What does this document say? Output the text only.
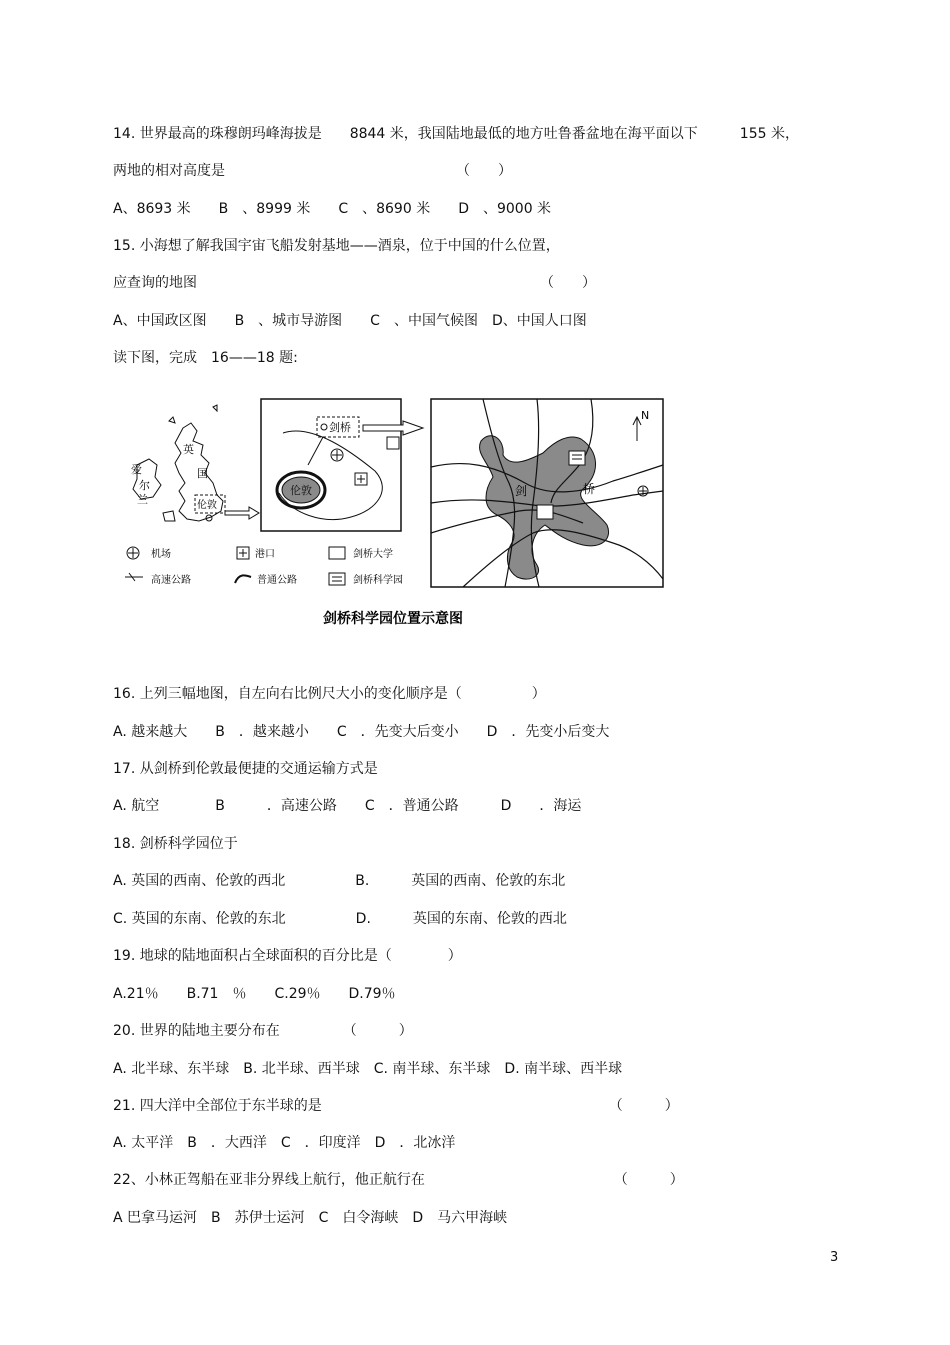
14. 世界最高的珠穆朗玛峰海拔是　　8844 米，我国陆地最低的地方吐鲁番盆地在海平面以下　　　155 米，
两地的相对高度是　　　　　　　　　　　　　　　　　（　　）
A、8693 米　　B　、8999 米　　C　、8690 米　　D　、9000 米
15. 小海想了解我国宇宙飞船发射基地——酒泉，位于中国的什么位置，
应查询的地图　　　　　　　　　　　　　　　　　　　　　　　　　（　　）
A、中国政区图　　B　、城市导游图　　C　、中国气候图　D、中国人口图
读下图，完成　16——18 题:
英
国
爱
尔
兰	伦敦
剑桥
伦敦	剑	桥
N
机场	港口	剑桥大学
高速公路	普通公路	剑桥科学园
剑桥科学园位置示意图
16. 上列三幅地图，自左向右比例尺大小的变化顺序是（　　　　　）
A. 越来越大　　B　．越来越小　　C　．先变大后变小　　D　．先变小后变大
17. 从剑桥到伦敦最便捷的交通运输方式是
A. 航空　　　　B　　　．高速公路　　C　．普通公路　　　D　　．海运
18. 剑桥科学园位于
A. 英国的西南、伦敦的西北　　　　　B.　　　英国的西南、伦敦的东北
C. 英国的东南、伦敦的东北　　　　　D.　　　英国的东南、伦敦的西北
19. 地球的陆地面积占全球面积的百分比是（　　　　）
A.21％　　B.71　％　　C.29％　　D.79％
20. 世界的陆地主要分布在　　　　　（　　　）
A. 北半球、东半球　B. 北半球、西半球　C. 南半球、东半球　D. 南半球、西半球
21. 四大洋中全部位于东半球的是　　　　　　　　　　　　　　　　　　　　　（　　　）
A. 太平洋　B　．大西洋　C　．印度洋　D　．北冰洋
22、小林正驾船在亚非分界线上航行，他正航行在　　　　　　　　　　　　　　（　　　）
A 巴拿马运河　B　苏伊士运河　C　白令海峡　D　马六甲海峡
3
